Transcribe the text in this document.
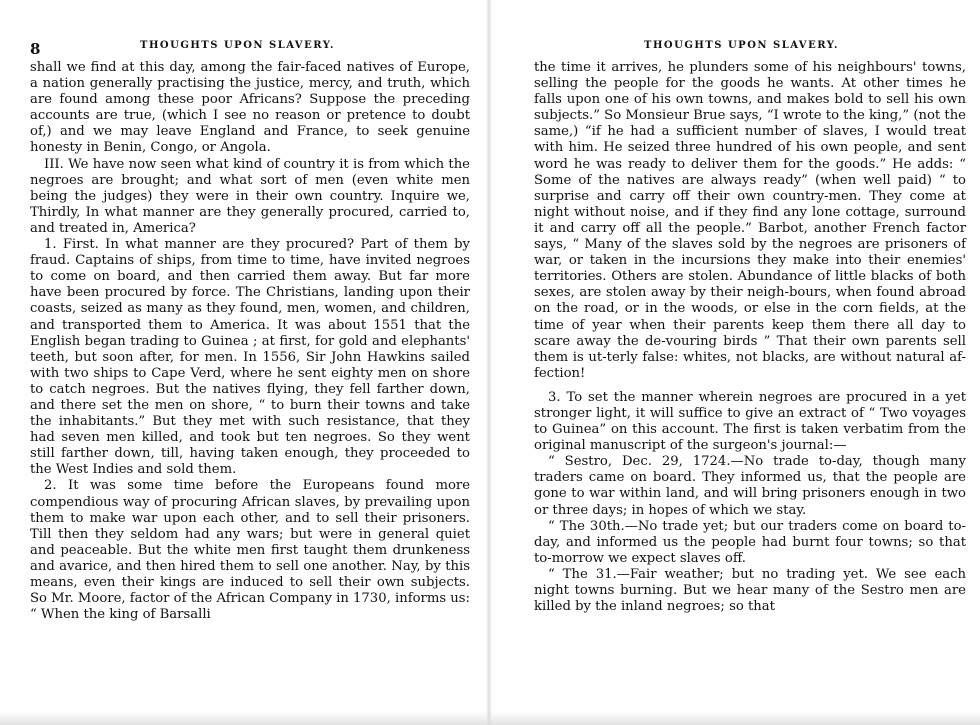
8	THOUGHTS UPON SLAVERY.

shall we find at this day, among the fair-faced natives of Europe, a nation generally practising the justice, mercy, and truth, which are found among these poor Africans? Suppose the preceding accounts are true, (which I see no reason or pretence to doubt of,) and we may leave England and France, to seek genuine honesty in Benin, Congo, or Angola.

III. We have now seen what kind of country it is from which the negroes are brought; and what sort of men (even white men being the judges) they were in their own country. Inquire we, Thirdly, In what manner are they generally procured, carried to, and treated in, America?

1. First. In what manner are they procured? Part of them by fraud. Captains of ships, from time to time, have invited negroes to come on board, and then carried them away. But far more have been procured by force. The Christians, landing upon their coasts, seized as many as they found, men, women, and children, and transported them to America. It was about 1551 that the English began trading to Guinea ; at first, for gold and elephants' teeth, but soon after, for men. In 1556, Sir John Hawkins sailed with two ships to Cape Verd, where he sent eighty men on shore to catch negroes. But the natives flying, they fell farther down, and there set the men on shore, “ to burn their towns and take the inhabitants.” But they met with such resistance, that they had seven men killed, and took but ten negroes. So they went still farther down, till, having taken enough, they proceeded to the West Indies and sold them.

2. It was some time before the Europeans found more compendious way of procuring African slaves, by prevailing upon them to make war upon each other, and to sell their prisoners. Till then they seldom had any wars; but were in general quiet and peaceable. But the white men first taught them drunkeness and avarice, and then hired them to sell one another. Nay, by this means, even their kings are induced to sell their own subjects. So Mr. Moore, factor of the African Company in 1730, informs us: “ When the king of Barsalli

THOUGHTS UPON SLAVERY.

the time it arrives, he plunders some of his neighbours' towns, selling the people for the goods he wants. At other times he falls upon one of his own towns, and makes bold to sell his own subjects.” So Monsieur Brue says, “I wrote to the king,” (not the same,) “if he had a sufficient number of slaves, I would treat with him. He seized three hundred of his own people, and sent word he was ready to deliver them for the goods.” He adds: “ Some of the natives are always ready” (when well paid) “ to surprise and carry off their own country-men. They come at night without noise, and if they find any lone cottage, surround it and carry off all the people.” Barbot, another French factor says, “ Many of the slaves sold by the negroes are prisoners of war, or taken in the incursions they make into their enemies' territories. Others are stolen. Abundance of little blacks of both sexes, are stolen away by their neigh-bours, when found abroad on the road, or in the woods, or else in the corn fields, at the time of year when their parents keep them there all day to scare away the de-vouring birds ” That their own parents sell them is ut-terly false: whites, not blacks, are without natural af-fection!

3. To set the manner wherein negroes are procured in a yet stronger light, it will suffice to give an extract of “ Two voyages to Guinea” on this account. The first is taken verbatim from the original manuscript of the surgeon's journal:—

“ Sestro, Dec. 29, 1724.—No trade to-day, though many traders came on board. They informed us, that the people are gone to war within land, and will bring prisoners enough in two or three days; in hopes of which we stay.

“ The 30th.—No trade yet; but our traders come on board to-day, and informed us the people had burnt four towns; so that to-morrow we expect slaves off.

“ The 31.—Fair weather; but no trading yet. We see each night towns burning. But we hear many of the Sestro men are killed by the inland negroes; so that
